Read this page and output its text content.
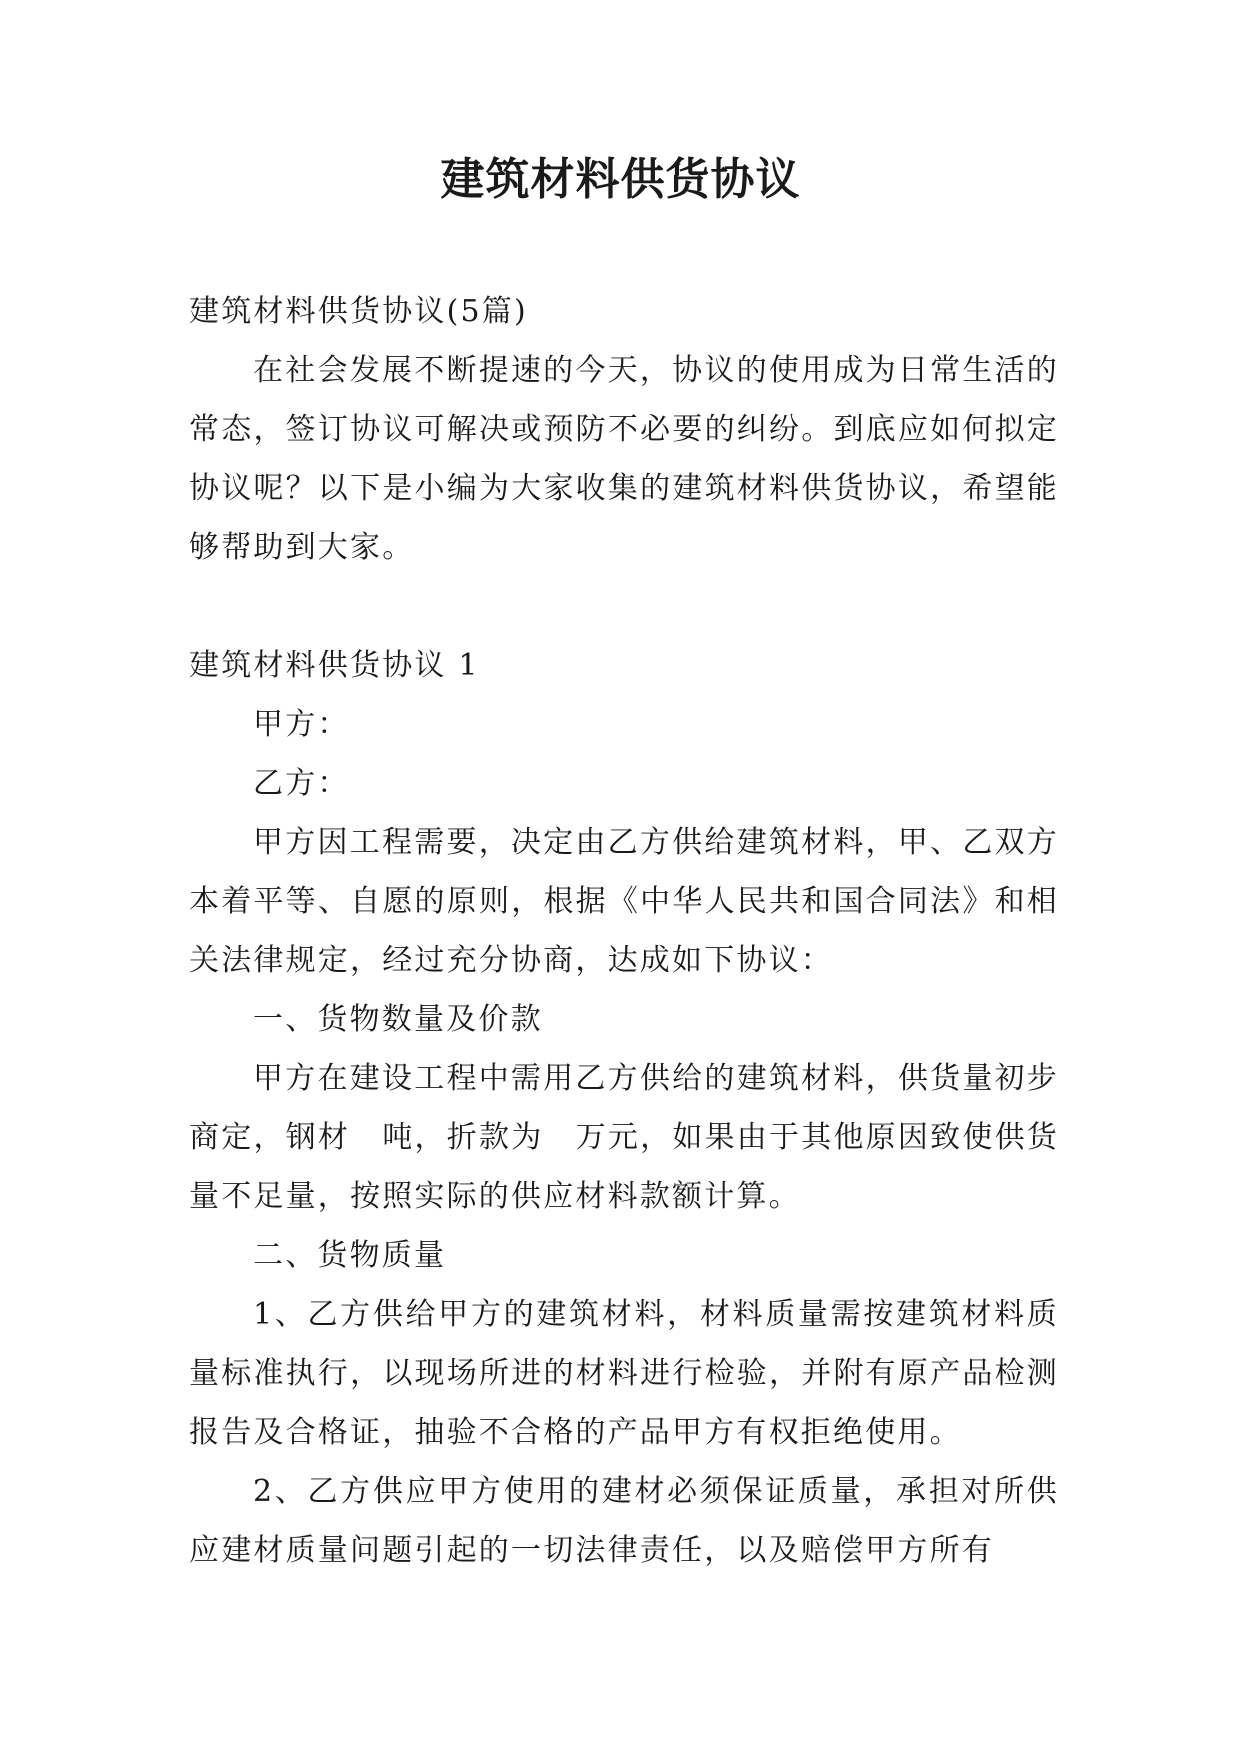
建筑材料供货协议

建筑材料供货协议(5篇)

在社会发展不断提速的今天，协议的使用成为日常生活的常态，签订协议可解决或预防不必要的纠纷。到底应如何拟定协议呢？以下是小编为大家收集的建筑材料供货协议，希望能够帮助到大家。

建筑材料供货协议 1

甲方：

乙方：

甲方因工程需要，决定由乙方供给建筑材料，甲、乙双方本着平等、自愿的原则，根据《中华人民共和国合同法》和相关法律规定，经过充分协商，达成如下协议：

一、货物数量及价款

甲方在建设工程中需用乙方供给的建筑材料，供货量初步商定，钢材　吨，折款为　万元，如果由于其他原因致使供货量不足量，按照实际的供应材料款额计算。

二、货物质量

1、乙方供给甲方的建筑材料，材料质量需按建筑材料质量标准执行，以现场所进的材料进行检验，并附有原产品检测报告及合格证，抽验不合格的产品甲方有权拒绝使用。

2、乙方供应甲方使用的建材必须保证质量，承担对所供应建材质量问题引起的一切法律责任，以及赔偿甲方所有
